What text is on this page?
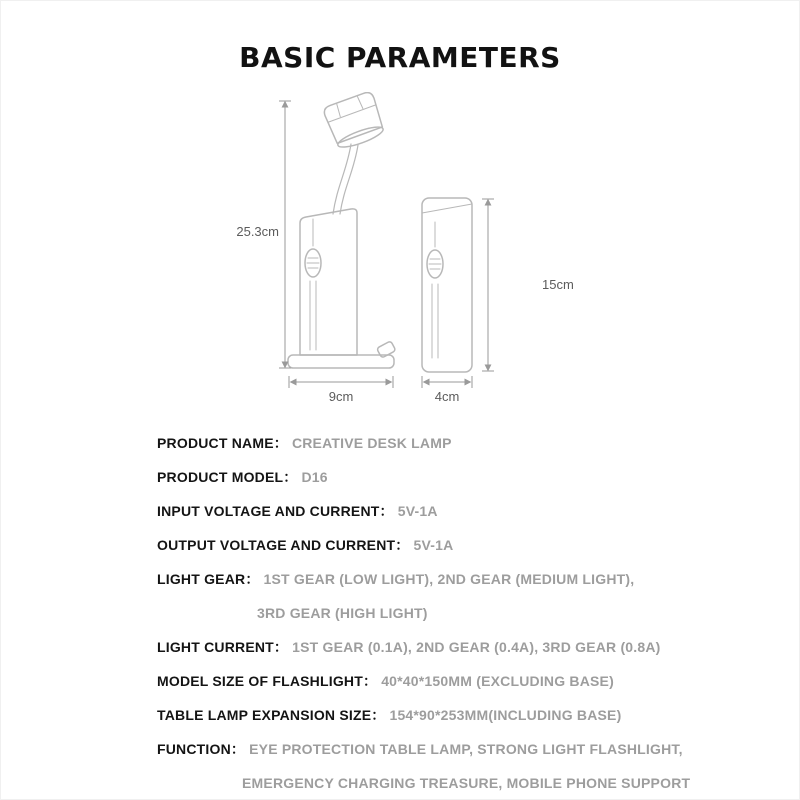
BASIC PARAMETERS
25.3cm
9cm
15cm
4cm
PRODUCT NAME： CREATIVE DESK LAMP
PRODUCT MODEL： D16
INPUT VOLTAGE AND CURRENT： 5V-1A
OUTPUT VOLTAGE AND CURRENT： 5V-1A
LIGHT GEAR： 1ST GEAR (LOW LIGHT), 2ND GEAR (MEDIUM LIGHT),
3RD GEAR (HIGH LIGHT)
LIGHT CURRENT： 1ST GEAR (0.1A), 2ND GEAR (0.4A), 3RD GEAR (0.8A)
MODEL SIZE OF FLASHLIGHT： 40*40*150MM (EXCLUDING BASE)
TABLE LAMP EXPANSION SIZE： 154*90*253MM(INCLUDING BASE)
FUNCTION： EYE PROTECTION TABLE LAMP, STRONG LIGHT FLASHLIGHT,
EMERGENCY CHARGING TREASURE, MOBILE PHONE SUPPORT
